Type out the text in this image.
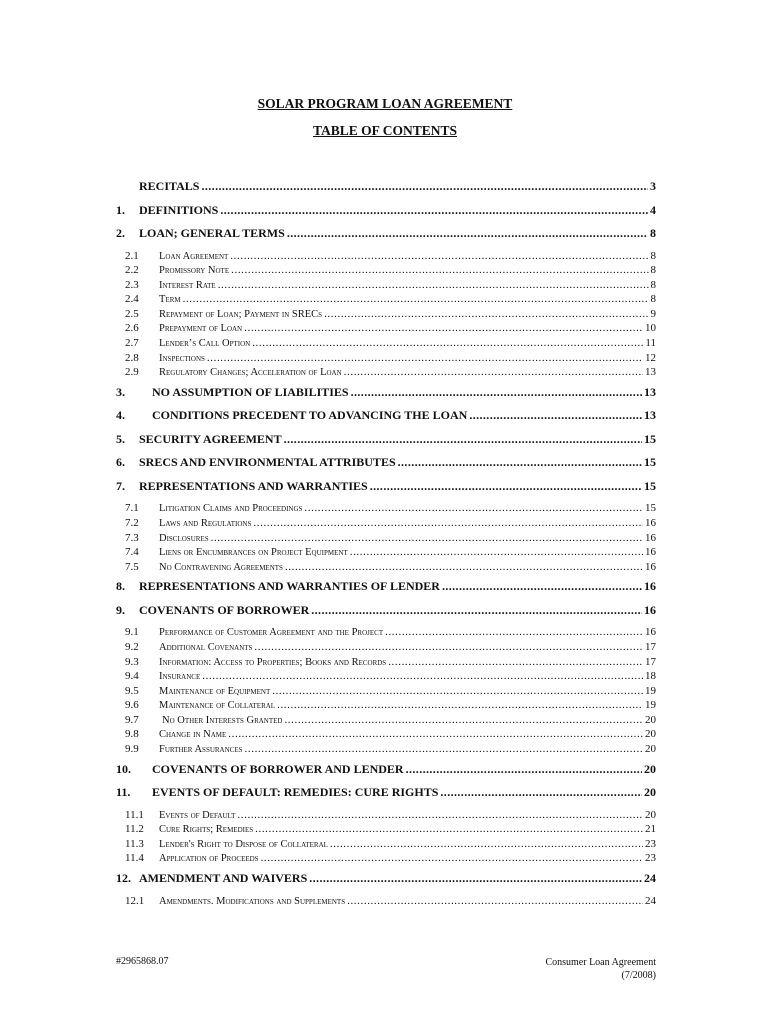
SOLAR PROGRAM LOAN AGREEMENT
TABLE OF CONTENTS
RECITALS .....	3
1.	DEFINITIONS .....	4
2.	LOAN; GENERAL TERMS .....	8
2.1	Loan Agreement .....	8
2.2	Promissory Note .....	8
2.3	Interest Rate .....	8
2.4	Term .....	8
2.5	Repayment of Loan; Payment in SRECs .....	9
2.6	Prepayment of Loan .....	10
2.7	Lender’s Call Option .....	11
2.8	Inspections .....	12
2.9	Regulatory Changes; Acceleration of Loan .....	13
3.	NO ASSUMPTION OF LIABILITIES .....	13
4.	CONDITIONS PRECEDENT TO ADVANCING THE LOAN .....	13
5.	SECURITY AGREEMENT .....	15
6.	SRECS AND ENVIRONMENTAL ATTRIBUTES .....	15
7.	REPRESENTATIONS AND WARRANTIES .....	15
7.1	Litigation Claims and Proceedings .....	15
7.2	Laws and Regulations .....	16
7.3	Disclosures .....	16
7.4	Liens or Encumbrances on Project Equipment .....	16
7.5	No Contravening Agreements .....	16
8.	REPRESENTATIONS AND WARRANTIES OF LENDER .....	16
9.	COVENANTS OF BORROWER .....	16
9.1	Performance of Customer Agreement and the Project .....	16
9.2	Additional Covenants .....	17
9.3	Information: Access to Properties; Books and Records .....	17
9.4	Insurance .....	18
9.5	Maintenance of Equipment .....	19
9.6	Maintenance of Collateral .....	19
9.7	No Other Interests Granted .....	20
9.8	Change in Name .....	20
9.9	Further Assurances .....	20
10.	COVENANTS OF BORROWER AND LENDER .....	20
11.	EVENTS OF DEFAULT: REMEDIES: CURE RIGHTS .....	20
11.1	Events of Default .....	20
11.2	Cure Rights; Remedies .....	21
11.3	Lender's Right to Dispose of Collateral .....	23
11.4	Application of Proceeds .....	23
12. AMENDMENT AND WAIVERS .....	24
12.1	Amendments. Modifications and Supplements .....	24
#2965868.07	Consumer Loan Agreement
(7/2008)
